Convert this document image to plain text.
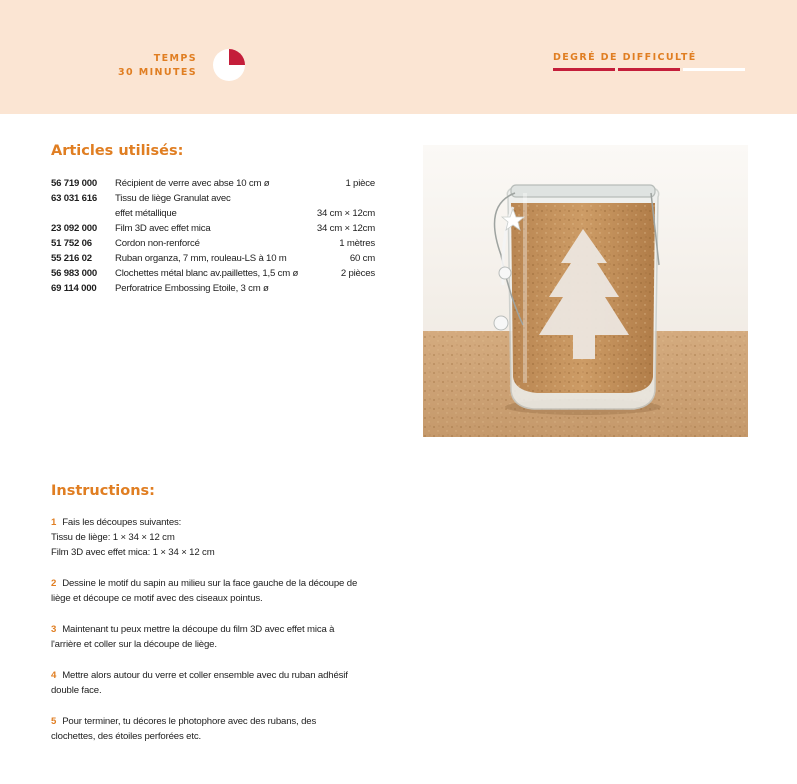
TEMPS
30 MINUTES
DEGRÉ DE DIFFICULTÉ
Articles utilisés:
56 719 000 Récipient de verre avec abse 10 cm ø	1 pièce
63 031 616 Tissu de liège Granulat avec
effet métallique	34 cm × 12cm
23 092 000 Film 3D avec effet mica	34 cm × 12cm
51 752 06 Cordon non-renforcé	1 mètres
55 216 02 Ruban organza, 7 mm, rouleau-LS à 10 m	60 cm
56 983 000 Clochettes métal blanc av.paillettes, 1,5 cm ø	2 pièces
69 114 000 Perforatrice Embossing Etoile, 3 cm ø
Instructions:
1 Fais les découpes suivantes:
Tissu de liège: 1 × 34 × 12 cm
Film 3D avec effet mica: 1 × 34 × 12 cm
2 Dessine le motif du sapin au milieu sur la face gauche de la découpe de
liège et découpe ce motif avec des ciseaux pointus.
3 Maintenant tu peux mettre la découpe du film 3D avec effet mica à
l'arrière et coller sur la découpe de liège.
4 Mettre alors autour du verre et coller ensemble avec du ruban adhésif
double face.
5 Pour terminer, tu décores le photophore avec des rubans, des
clochettes, des étoiles perforées etc.
